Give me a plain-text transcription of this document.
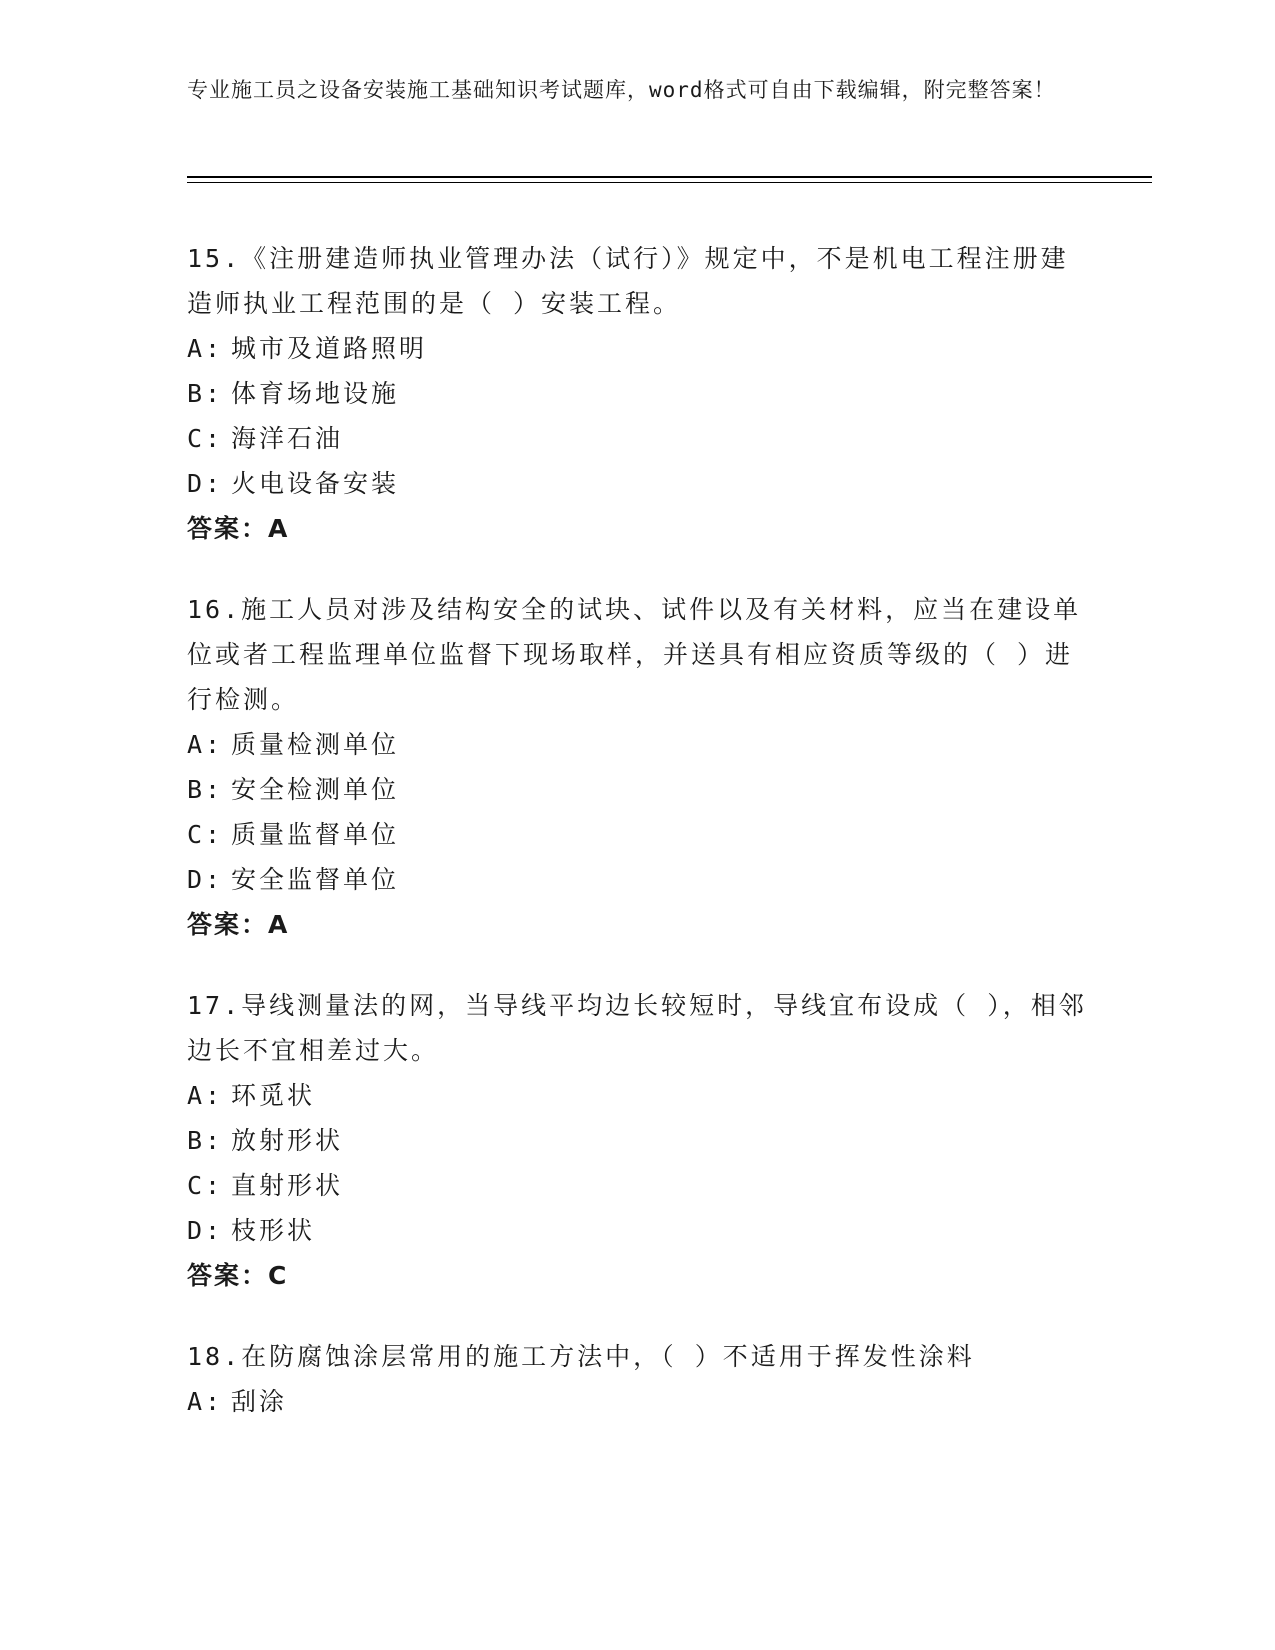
专业施工员之设备安装施工基础知识考试题库，word格式可自由下载编辑，附完整答案！
15.《注册建造师执业管理办法（试行）》规定中，不是机电工程注册建造师执业工程范围的是（ ）安装工程。
A: 城市及道路照明
B: 体育场地设施
C: 海洋石油
D: 火电设备安装
答案：A
16.施工人员对涉及结构安全的试块、试件以及有关材料，应当在建设单位或者工程监理单位监督下现场取样，并送具有相应资质等级的（ ）进行检测。
A: 质量检测单位
B: 安全检测单位
C: 质量监督单位
D: 安全监督单位
答案：A
17.导线测量法的网，当导线平均边长较短时，导线宜布设成（ ），相邻边长不宜相差过大。
A: 环觅状
B: 放射形状
C: 直射形状
D: 枝形状
答案：C
18.在防腐蚀涂层常用的施工方法中，（ ）不适用于挥发性涂料
A: 刮涂
